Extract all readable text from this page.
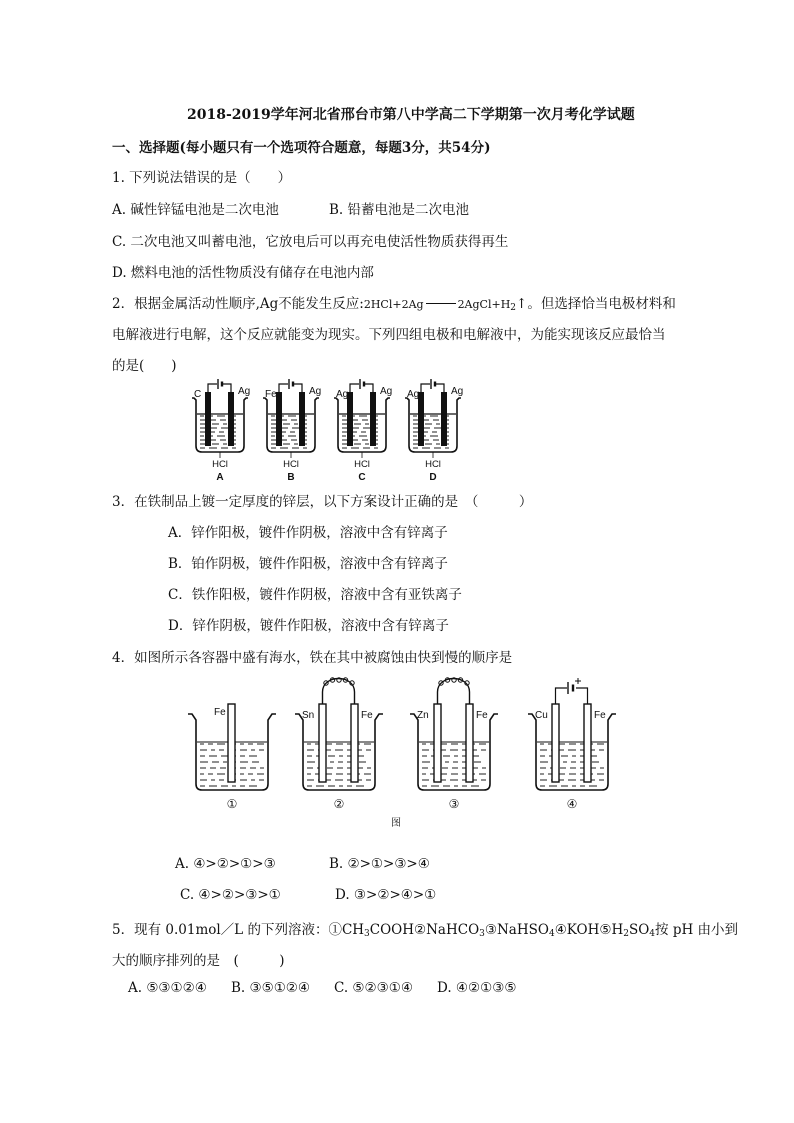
2018-2019学年河北省邢台市第八中学高二下学期第一次月考化学试题
一、选择题(每小题只有一个选项符合题意，每题3分，共54分)
1. 下列说法错误的是（　　）
A. 碱性锌锰电池是二次电池	B. 铅蓄电池是二次电池
C. 二次电池又叫蓄电池，它放电后可以再充电使活性物质获得再生
D. 燃料电池的活性物质没有储存在电池内部
2．根据金属活动性顺序,Ag不能发生反应:2HCl+2Ag	$2AgCl+H_2↑$。但选择恰当电极材料和
电解液进行电解，这个反应就能变为现实。下列四组电极和电解液中，为能实现该反应最恰当
的是(　　)
C	Ag
HCl
A
Fe	Ag
HCl
B
Ag	Ag
HCl
C
Ag	Ag
HCl
D
3．在铁制品上镀一定厚度的锌层，以下方案设计正确的是　（　　　）
A．锌作阳极，镀件作阴极，溶液中含有锌离子
B．铂作阴极，镀件作阳极，溶液中含有锌离子
C．铁作阳极，镀件作阴极，溶液中含有亚铁离子
D．锌作阴极，镀件作阳极，溶液中含有锌离子
4．如图所示各容器中盛有海水，铁在其中被腐蚀由快到慢的顺序是
Fe
①
Sn	Fe
②
Zn	Fe
③
Cu	Fe
④
图
A. ④>②>①>③	B. ②>①>③>④
C. ④>②>③>①	D. ③>②>④>①
5．现有 0.01mol／L 的下列溶液：$①CH_3COOH②NaHCO_3③NaHSO_4④KOH⑤H_2SO_4$按 pH 由小到
大的顺序排列的是　(　　　)
A. ⑤③①②④ B. ③⑤①②④ C. ⑤②③①④ D. ④②①③⑤
